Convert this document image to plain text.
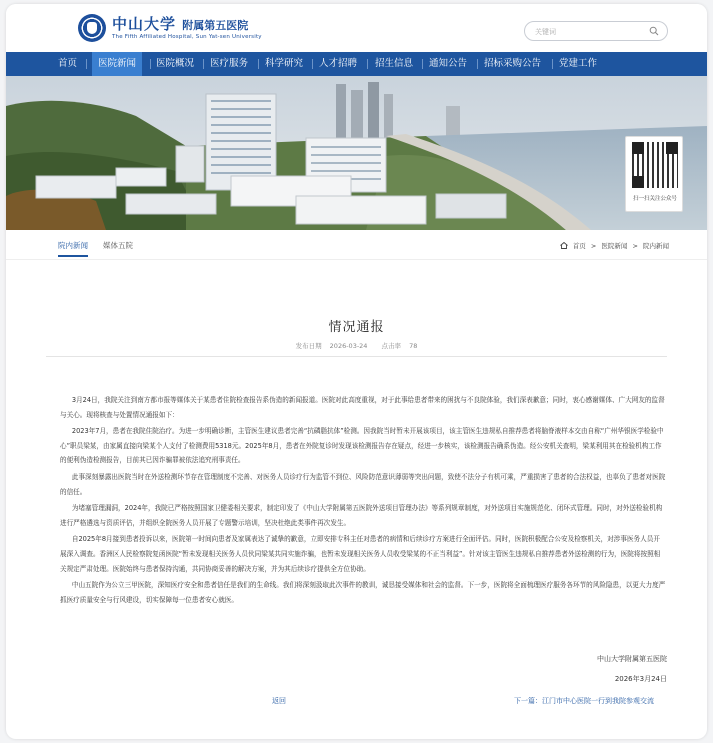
中山大学 附属第五医院
The Fifth Affiliated Hospital, Sun Yat-sen University
关键词
首页	医院新闻	医院概况 医疗服务 科学研究 人才招聘 招生信息 通知公告 招标采购公告 党建工作
扫一扫关注公众号
院内新闻 媒体五院	首页 > 医院新闻 > 院内新闻
情况通报
发布日期 2026-03-24 点击率 78

3月24日，我院关注到南方都市报等媒体关于某患者住院检查报告系伪造的新闻报道。医院对此高度重视，对于此事给患者带来的困扰与不良院体验，我们深表歉意；同时，衷心感谢媒体、广大网友的监督与关心。现将核查与处置情况通报如下：

2023年7月，患者在我院住院治疗。为进一步明确诊断，主管医生建议患者完善“抗磷脂抗体”检测。因我院当时暂未开展该项目，该主管医生违规私自推荐患者将脑脊液样本交由自称“广州华银医学检验中心”职员梁某，由家属直接向梁某个人支付了检测费用5318元。2025年8月，患者在外院复诊时发现该检测报告存在疑点，经进一步核实，该检测报告确系伪造。经公安机关查明，梁某利用其在检验机构工作的便利伪造检测报告，目前其已因诈骗罪被依法追究刑事责任。

此事深刻暴露出医院当时在外送检测环节存在管理制度不完善、对医务人员诊疗行为监管不到位、风险防范意识薄弱等突出问题，致使不法分子有机可乘，严重损害了患者的合法权益，也辜负了患者对医院的信任。

为堵塞管理漏洞，2024年，我院已严格按照国家卫健委相关要求，制定印发了《中山大学附属第五医院外送项目管理办法》等系列规章制度，对外送项目实施规范化、闭环式管理。同时，对外送检验机构进行严格遴选与资质评估，并组织全院医务人员开展了专题警示培训，坚决杜绝此类事件再次发生。

自2025年8月接到患者投诉以来，医院第一时间向患者及家属表达了诚挚的歉意，立即安排专科主任对患者的病情和后续诊疗方案进行全面评估。同时，医院积极配合公安及检察机关，对涉事医务人员开展深入调查。香洲区人民检察院复函医院“暂未发现相关医务人员伙同梁某共同实施诈骗，也暂未发现相关医务人员收受梁某的不正当利益”。针对该主管医生违规私自推荐患者外送检测的行为，医院将按照相关规定严肃处理。医院始终与患者保持沟通，共同协商妥善的解决方案，并为其后续诊疗提供全方位协助。

中山五院作为公立三甲医院，深知医疗安全和患者信任是我们的生命线。我们将深刻汲取此次事件的教训，诚恳接受媒体和社会的监督。下一步，医院将全面梳理医疗服务各环节的风险隐患，以更大力度严抓医疗质量安全与行风建设，切实保障每一位患者安心就医。

中山大学附属第五医院
2026年3月24日
返回	下一篇：江门市中心医院一行到我院参观交流
